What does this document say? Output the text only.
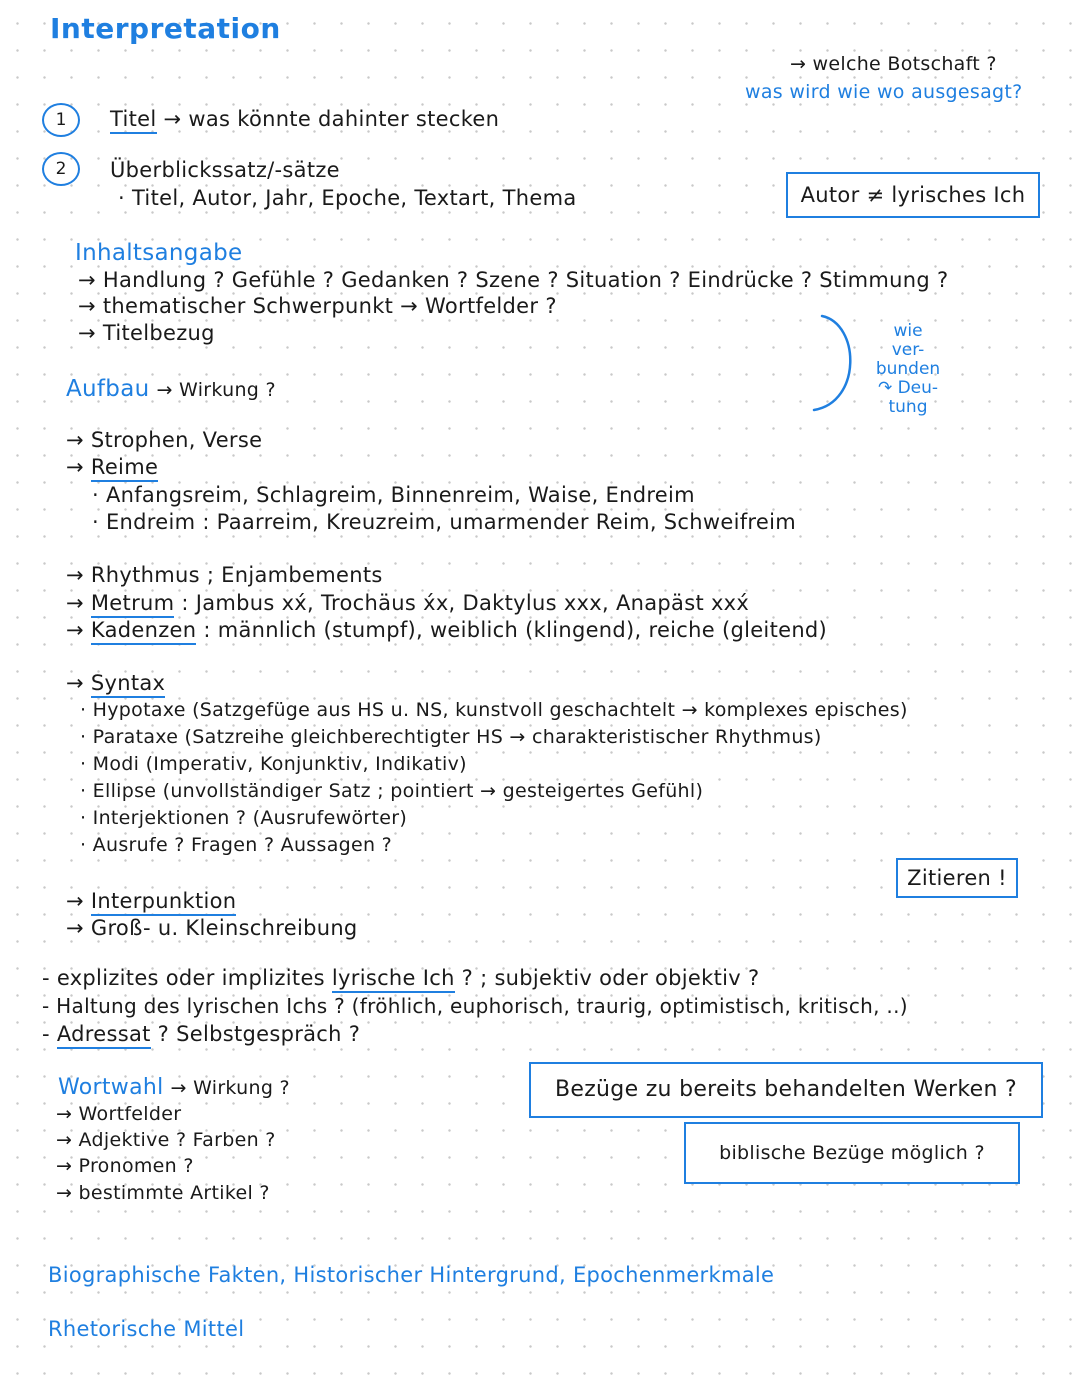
Interpretation
→ welche Botschaft ?
was wird wie wo ausgesagt?
1	Titel → was könnte dahinter stecken
2	Überblickssatz/-sätze
· Titel, Autor, Jahr, Epoche, Textart, Thema	Autor ≠ lyrisches Ich
Inhaltsangabe
→ Handlung ? Gefühle ? Gedanken ? Szene ? Situation ? Eindrücke ? Stimmung ?
→ thematischer Schwerpunkt → Wortfelder ?
→ Titelbezug	wie
ver-
bunden
↷ Deu-
tung
Aufbau → Wirkung ?
→ Strophen, Verse
→ Reime
· Anfangsreim, Schlagreim, Binnenreim, Waise, Endreim
· Endreim : Paarreim, Kreuzreim, umarmender Reim, Schweifreim
→ Rhythmus ; Enjambements
→ Metrum : Jambus xx́, Trochäus x́x, Daktylus xxx, Anapäst xxx́
→ Kadenzen : männlich (stumpf), weiblich (klingend), reiche (gleitend)
→ Syntax
· Hypotaxe (Satzgefüge aus HS u. NS, kunstvoll geschachtelt → komplexes episches)
· Parataxe (Satzreihe gleichberechtigter HS → charakteristischer Rhythmus)
· Modi (Imperativ, Konjunktiv, Indikativ)
· Ellipse (unvollständiger Satz ; pointiert → gesteigertes Gefühl)
· Interjektionen ? (Ausrufewörter)
· Ausrufe ? Fragen ? Aussagen ?
Zitieren !
→ Interpunktion
→ Groß- u. Kleinschreibung
- explizites oder implizites lyrische Ich ? ; subjektiv oder objektiv ?
- Haltung des lyrischen Ichs ? (fröhlich, euphorisch, traurig, optimistisch, kritisch, ..)
- Adressat ? Selbstgespräch ?
Wortwahl → Wirkung ?
→ Wortfelder
→ Adjektive ? Farben ?
→ Pronomen ?
→ bestimmte Artikel ?
Bezüge zu bereits behandelten Werken ?
biblische Bezüge möglich ?
Biographische Fakten, Historischer Hintergrund, Epochenmerkmale
Rhetorische Mittel
